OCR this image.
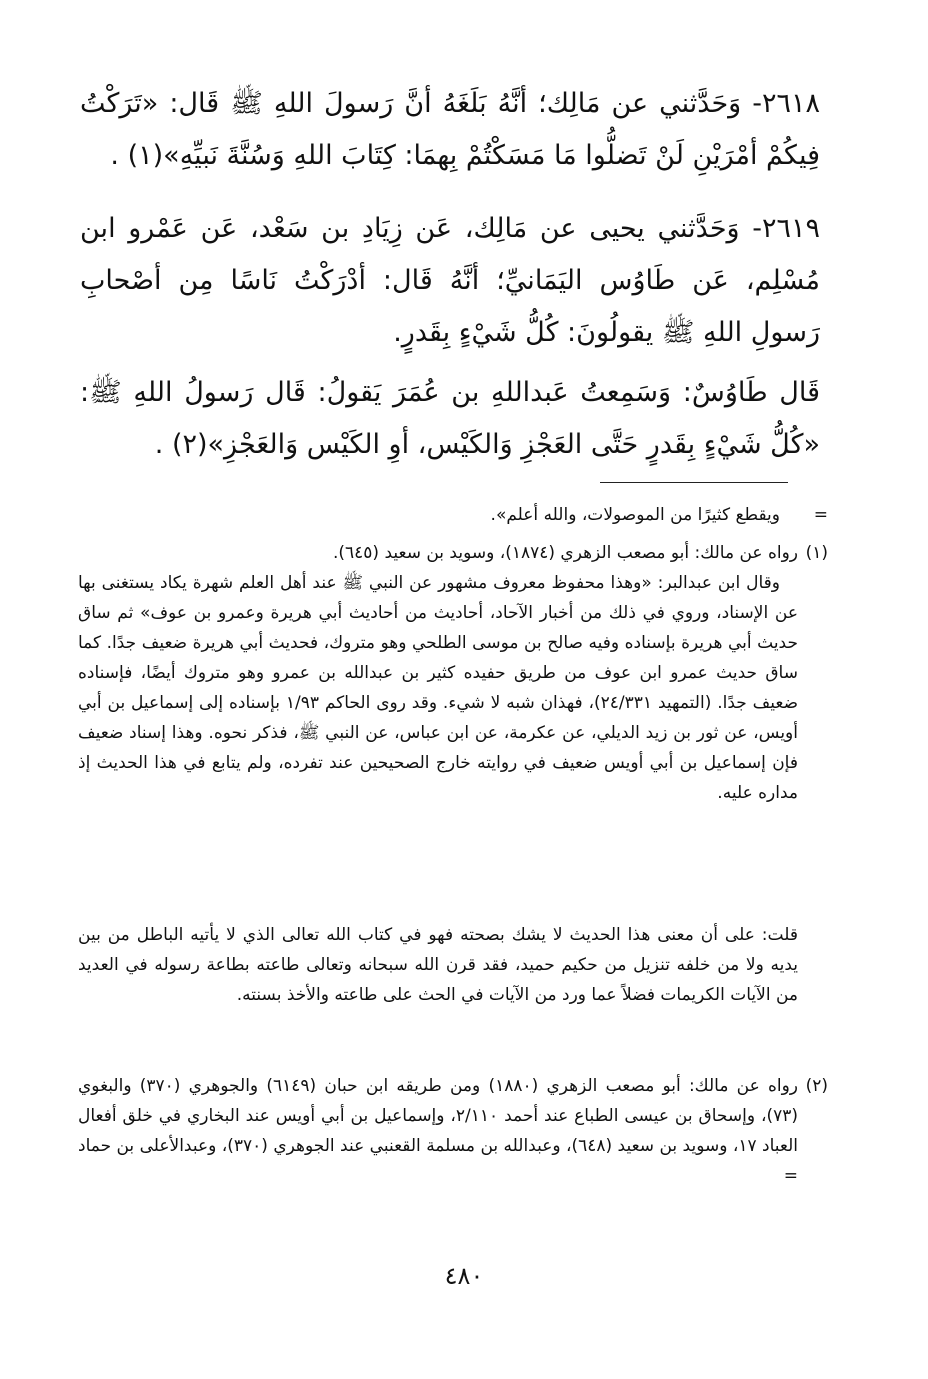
٢٦١٨- وَحَدَّثني عن مَالِك؛ أنَّهُ بَلَغَهُ أنَّ رَسولَ اللهِ ﷺ قَال: «تَرَكْتُ فِيكُمْ أمْرَيْنِ لَنْ تَضلُّوا مَا مَسَكْتُمْ بِهمَا: كِتَابَ اللهِ وَسُنَّةَ نَبيِّهِ»(١) .
٢٦١٩- وَحَدَّثني يحيى عن مَالِك، عَن زِيَادِ بن سَعْد، عَن عَمْرو ابن مُسْلِم، عَن طَاوُس اليَمَانيِّ؛ أنَّهُ قَال: أدْرَكْتُ نَاسًا مِن أصْحابِ رَسولِ اللهِ ﷺ يقولُونَ: كُلُّ شَيْءٍ بِقَدرٍ.
قَال طَاوُسٌ: وَسَمِعتُ عَبداللهِ بن عُمَرَ يَقولُ: قَال رَسولُ اللهِ ﷺ: «كُلُّ شَيْءٍ بِقَدرٍ حَتَّى العَجْزِ وَالكَيْس، أوِ الكَيْس وَالعَجْزِ»(٢) .
=

ويقطع كثيرًا من الموصولات، والله أعلم».

(١)

رواه عن مالك: أبو مصعب الزهري (١٨٧٤)، وسويد بن سعيد (٦٤٥).

وقال ابن عبدالبر: «وهذا محفوظ معروف مشهور عن النبي ﷺ عند أهل العلم شهرة يكاد يستغنى بها عن الإسناد، وروي في ذلك من أخبار الآحاد، أحاديث من أحاديث أبي هريرة وعمرو بن عوف» ثم ساق حديث أبي هريرة بإسناده وفيه صالح بن موسى الطلحي وهو متروك، فحديث أبي هريرة ضعيف جدًا. كما ساق حديث عمرو ابن عوف من طريق حفيده كثير بن عبدالله بن عمرو وهو متروك أيضًا، فإسناده ضعيف جدًا. (التمهيد ٢٤/٣٣١)، فهذان شبه لا شيء. وقد روى الحاكم ١/٩٣ بإسناده إلى إسماعيل بن أبي أويس، عن ثور بن زيد الديلي، عن عكرمة، عن ابن عباس، عن النبي ﷺ، فذكر نحوه. وهذا إسناد ضعيف فإن إسماعيل بن أبي أويس ضعيف في روايته خارج الصحيحين عند تفرده، ولم يتابع في هذا الحديث إذ مداره عليه.

قلت: على أن معنى هذا الحديث لا يشك بصحته فهو في كتاب الله تعالى الذي لا يأتيه الباطل من بين يديه ولا من خلفه تنزيل من حكيم حميد، فقد قرن الله سبحانه وتعالى طاعته بطاعة رسوله في العديد من الآيات الكريمات فضلاً عما ورد من الآيات في الحث على طاعته والأخذ بسنته.

(٢)

رواه عن مالك: أبو مصعب الزهري (١٨٨٠) ومن طريقه ابن حبان (٦١٤٩) والجوهري (٣٧٠) والبغوي (٧٣)، وإسحاق بن عيسى الطباع عند أحمد ٢/١١٠، وإسماعيل بن أبي أويس عند البخاري في خلق أفعال العباد ١٧، وسويد بن سعيد (٦٤٨)، وعبدالله بن مسلمة القعنبي عند الجوهري (٣٧٠)، وعبدالأعلى بن حماد =

٤٨٠
